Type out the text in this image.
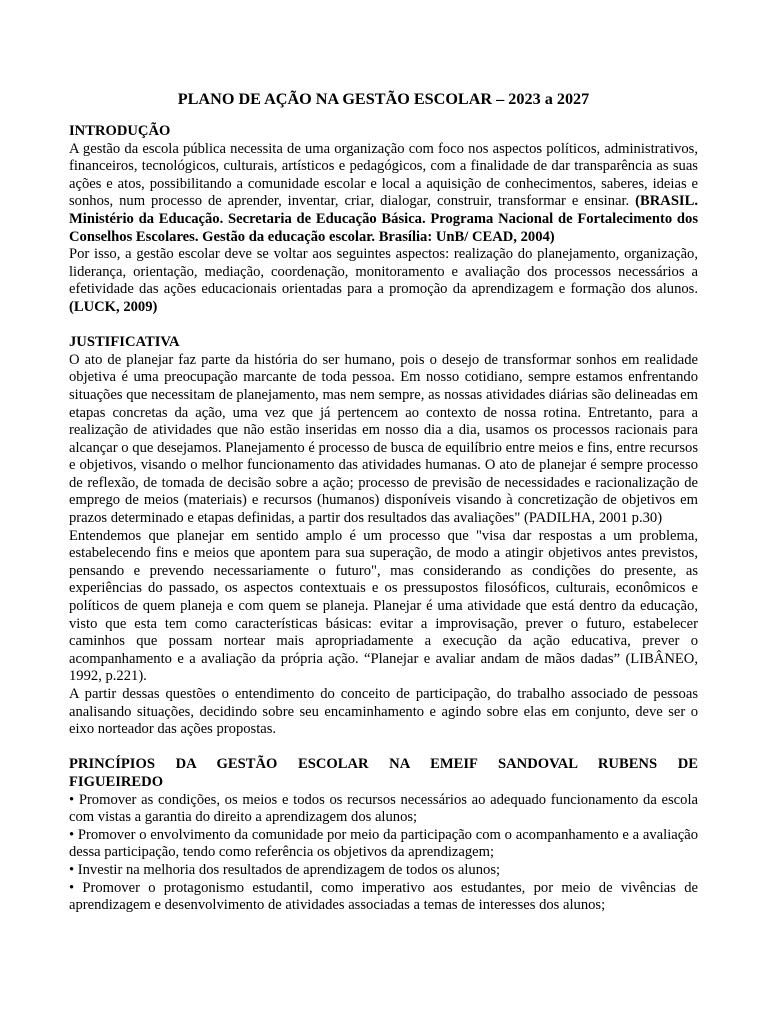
PLANO DE AÇÃO NA GESTÃO ESCOLAR – 2023 a 2027
INTRODUÇÃO

A gestão da escola pública necessita de uma organização com foco nos aspectos políticos, administrativos, financeiros, tecnológicos, culturais, artísticos e pedagógicos, com a finalidade de dar transparência as suas ações e atos, possibilitando a comunidade escolar e local a aquisição de conhecimentos, saberes, ideias e sonhos, num processo de aprender, inventar, criar, dialogar, construir, transformar e ensinar. (BRASIL. Ministério da Educação. Secretaria de Educação Básica. Programa Nacional de Fortalecimento dos Conselhos Escolares. Gestão da educação escolar. Brasília: UnB/ CEAD, 2004)

Por isso, a gestão escolar deve se voltar aos seguintes aspectos: realização do planejamento, organização, liderança, orientação, mediação, coordenação, monitoramento e avaliação dos processos necessários a efetividade das ações educacionais orientadas para a promoção da aprendizagem e formação dos alunos. (LUCK, 2009)

JUSTIFICATIVA

O ato de planejar faz parte da história do ser humano, pois o desejo de transformar sonhos em realidade objetiva é uma preocupação marcante de toda pessoa. Em nosso cotidiano, sempre estamos enfrentando situações que necessitam de planejamento, mas nem sempre, as nossas atividades diárias são delineadas em etapas concretas da ação, uma vez que já pertencem ao contexto de nossa rotina. Entretanto, para a realização de atividades que não estão inseridas em nosso dia a dia, usamos os processos racionais para alcançar o que desejamos. Planejamento é processo de busca de equilíbrio entre meios e fins, entre recursos e objetivos, visando o melhor funcionamento das atividades humanas. O ato de planejar é sempre processo de reflexão, de tomada de decisão sobre a ação; processo de previsão de necessidades e racionalização de emprego de meios (materiais) e recursos (humanos) disponíveis visando à concretização de objetivos em prazos determinado e etapas definidas, a partir dos resultados das avaliações" (PADILHA, 2001 p.30)

Entendemos que planejar em sentido amplo é um processo que "visa dar respostas a um problema, estabelecendo fins e meios que apontem para sua superação, de modo a atingir objetivos antes previstos, pensando e prevendo necessariamente o futuro", mas considerando as condições do presente, as experiências do passado, os aspectos contextuais e os pressupostos filosóficos, culturais, econômicos e políticos de quem planeja e com quem se planeja. Planejar é uma atividade que está dentro da educação, visto que esta tem como características básicas: evitar a improvisação, prever o futuro, estabelecer caminhos que possam nortear mais apropriadamente a execução da ação educativa, prever o acompanhamento e a avaliação da própria ação. “Planejar e avaliar andam de mãos dadas” (LIBÂNEO, 1992, p.221).

A partir dessas questões o entendimento do conceito de participação, do trabalho associado de pessoas analisando situações, decidindo sobre seu encaminhamento e agindo sobre elas em conjunto, deve ser o eixo norteador das ações propostas.

PRINCÍPIOS DA GESTÃO ESCOLAR NA EMEIF SANDOVAL RUBENS DE
FIGUEIREDO
• Promover as condições, os meios e todos os recursos necessários ao adequado funcionamento da escola com vistas a garantia do direito a aprendizagem dos alunos;
• Promover o envolvimento da comunidade por meio da participação com o acompanhamento e a avaliação dessa participação, tendo como referência os objetivos da aprendizagem;
• Investir na melhoria dos resultados de aprendizagem de todos os alunos;
• Promover o protagonismo estudantil, como imperativo aos estudantes, por meio de vivências de aprendizagem e desenvolvimento de atividades associadas a temas de interesses dos alunos;
